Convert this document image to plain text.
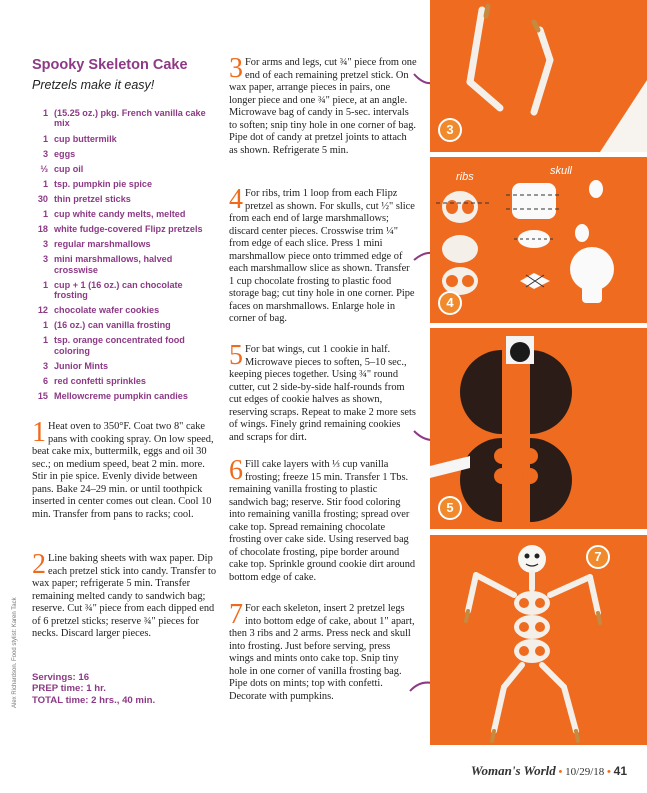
Spooky Skeleton Cake
Pretzels make it easy!
1 (15.25 oz.) pkg. French vanilla cake mix
1 cup buttermilk
3 eggs
⅓ cup oil
1 tsp. pumpkin pie spice
30 thin pretzel sticks
1 cup white candy melts, melted
18 white fudge-covered Flipz pretzels
3 regular marshmallows
3 mini marshmallows, halved crosswise
1 cup + 1 (16 oz.) can chocolate frosting
12 chocolate wafer cookies
1 (16 oz.) can vanilla frosting
1 tsp. orange concentrated food coloring
3 Junior Mints
6 red confetti sprinkles
15 Mellowcreme pumpkin candies
1 Heat oven to 350°F. Coat two 8" cake pans with cooking spray. On low speed, beat cake mix, buttermilk, eggs and oil 30 sec.; on medium speed, beat 2 min. more. Stir in pie spice. Evenly divide between pans. Bake 24–29 min. or until toothpick inserted in center comes out clean. Cool 10 min. Transfer from pans to racks; cool.
2 Line baking sheets with wax paper. Dip each pretzel stick into candy. Transfer to wax paper; refrigerate 5 min. Transfer remaining melted candy to sandwich bag; reserve. Cut ¾" piece from each dipped end of 6 pretzel sticks; reserve ¾" pieces for necks. Discard larger pieces.
Servings: 16
PREP time: 1 hr.
TOTAL time: 2 hrs., 40 min.
Alex Richardson. Food stylist: Karen Tack
3 For arms and legs, cut ¾" piece from one end of each remaining pretzel stick. On wax paper, arrange pieces in pairs, one longer piece and one ¾" piece, at an angle. Microwave bag of candy in 5-sec. intervals to soften; snip tiny hole in one corner of bag. Pipe dot of candy at pretzel joints to attach as shown. Refrigerate 5 min.
4 For ribs, trim 1 loop from each Flipz pretzel as shown. For skulls, cut ½" slice from each end of large marshmallows; discard center pieces. Crosswise trim ¼" from edge of each slice. Press 1 mini marshmallow piece onto trimmed edge of each marshmallow slice as shown. Transfer 1 cup chocolate frosting to plastic food storage bag; cut tiny hole in one corner. Pipe faces on marshmallows. Enlarge hole in corner of bag.
5 For bat wings, cut 1 cookie in half. Microwave pieces to soften, 5–10 sec., keeping pieces together. Using ¾" round cutter, cut 2 side-by-side half-rounds from cut edges of cookie halves as shown, reserving scraps. Repeat to make 2 more sets of wings. Finely grind remaining cookies and scraps for dirt.
6 Fill cake layers with ⅓ cup vanilla frosting; freeze 15 min. Transfer 1 Tbs. remaining vanilla frosting to plastic sandwich bag; reserve. Stir food coloring into remaining vanilla frosting; spread over cake top. Spread remaining chocolate frosting over cake side. Using reserved bag of chocolate frosting, pipe border around cake top. Sprinkle ground cookie dirt around bottom edge of cake.
7 For each skeleton, insert 2 pretzel legs into bottom edge of cake, about 1" apart, then 3 ribs and 2 arms. Press neck and skull into frosting. Just before serving, press wings and mints onto cake top. Snip tiny hole in one corner of vanilla frosting bag. Pipe dots on mints; top with confetti. Decorate with pumpkins.
3
ribs	skull
4
5
7
Woman's World • 10/29/18 • 41
